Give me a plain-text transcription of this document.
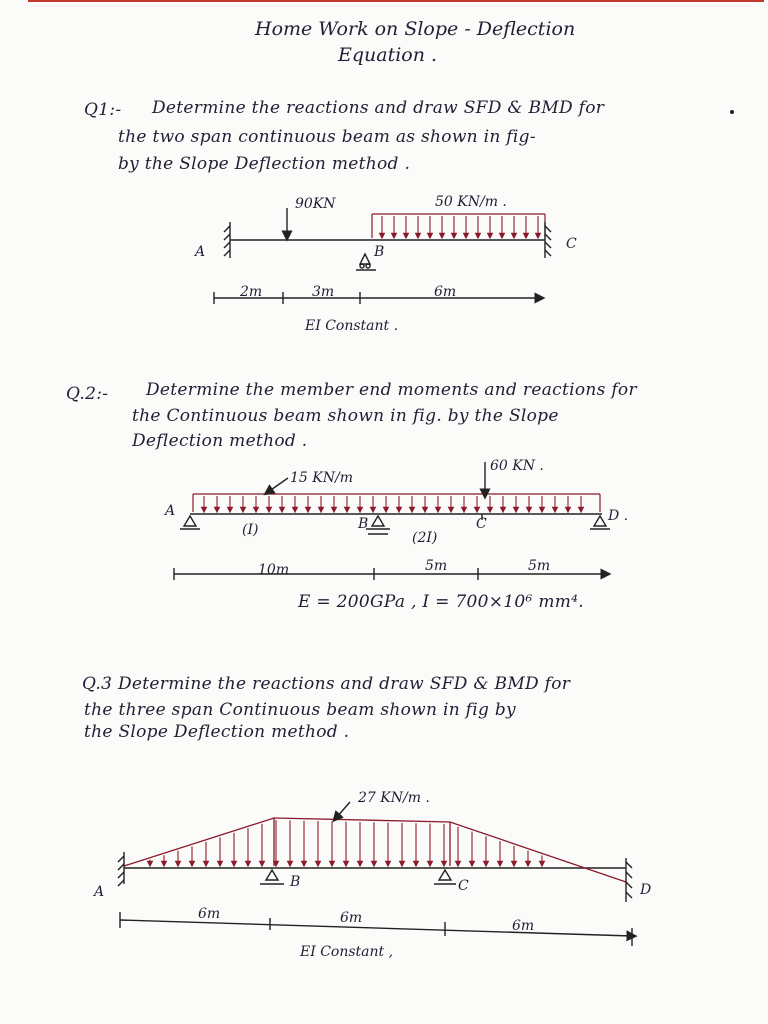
Home Work on Slope - Deflection
Equation .
Q1:- Determine the reactions and draw SFD & BMD for
the two span continuous beam as shown in fig-
by the Slope Deflection method .
90KN	50 KN/m .
A	B	C
2m	3m	6m
EI Constant .
Q.2:- Determine the member end moments and reactions for
the Continuous beam shown in fig. by the Slope
Deflection method .
15 KN/m
60 KN .
A
B	C	D .
(I)	(2I)
10m	5m	5m
E = 200GPa , I = 700×10⁶ mm⁴.
Q.3 Determine the reactions and draw SFD & BMD for
the three span Continuous beam shown in fig by
the Slope Deflection method .
27 KN/m .
A
B	C	D
6m	6m	6m
EI Constant ,
